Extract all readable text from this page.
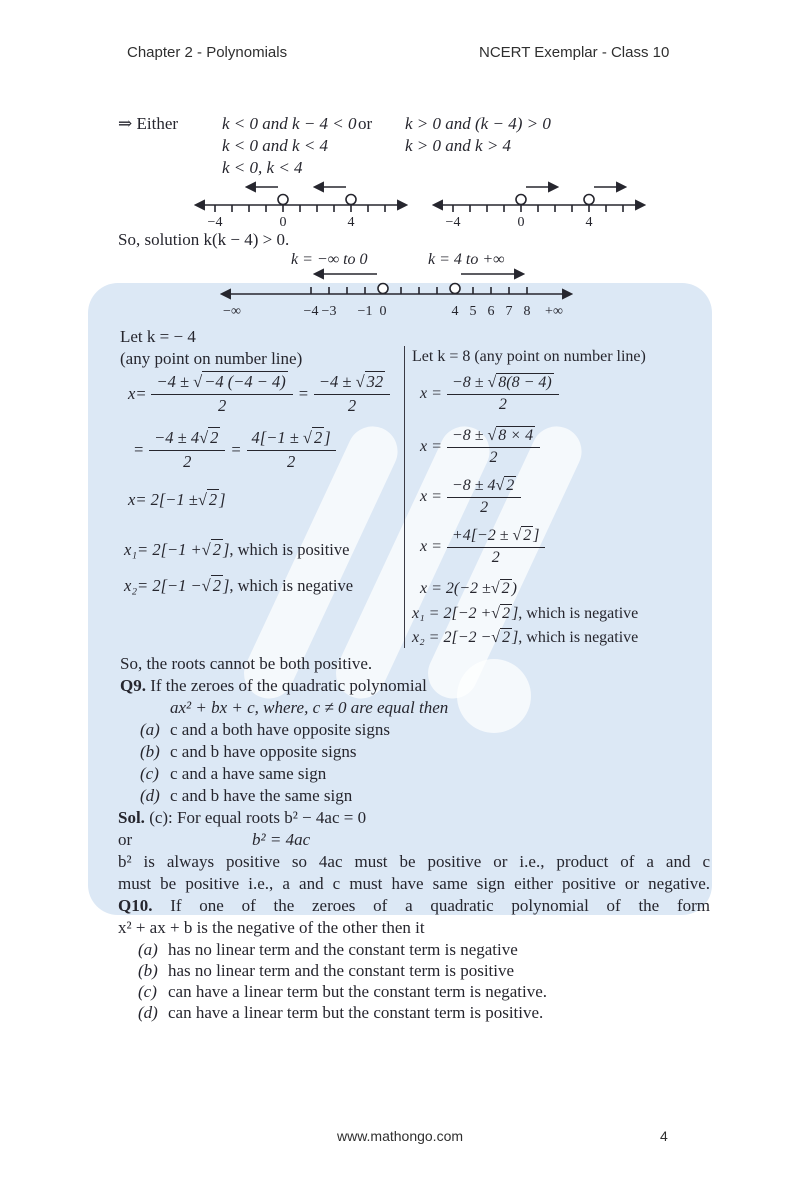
Chapter 2 - Polynomials	NCERT Exemplar - Class 10
⇒ Either	k < 0 and k − 4 < 0 or k > 0 and (k − 4) > 0
k < 0 and k < 4	k > 0 and k > 4
k < 0, k < 4
−4	0	4	−4	0	4
So, solution k(k − 4) > 0.
k = −∞ to 0	k = 4 to +∞
−∞	−4 −3 −1 0	4 5 6 7 8 +∞
Let k = − 4
(any point on number line)
$x= \frac{-4 \pm √ -4 (-4 - 4)}{2} = \frac{-4 \pm √ 32}{2}$
= $\frac{-4 \pm 4√ 2}{2} = \frac{4[-1 \pm √ 2 ]}{2}$
x= 2[−1 ± √ 2 ]
x₁= 2[−1 + √ 2 ] , which is positive
x₂= 2[−1 − √ 2 ] , which is negative
Let k = 8 (any point on number line)
$x = \frac{-8 \pm √ 8(8 - 4)}{2}$
$x = \frac{-8 \pm √ 8 \times 4}{2}$
$x = \frac{-8 \pm 4√ 2}{2}$
$x = \frac{+4[-2 \pm √ 2 ]}{2}$
x = 2(−2 ± √ 2 )
x₁ = 2[−2 + √ 2 ] , which is negative
x₂ = 2[−2 − √ 2 ] , which is negative
So, the roots cannot be both positive.
Q9. If the zeroes of the quadratic polynomial
ax² + bx + c, where, c ≠ 0 are equal then
(a) c and a both have opposite signs
(b) c and b have opposite signs
(c) c and a have same sign
(d) c and b have the same sign
Sol. (c): For equal roots b² − 4ac = 0
or	b² = 4ac
b² is always positive so 4ac must be positive or i.e., product of a and c
must be positive i.e., a and c must have same sign either positive or negative.
Q10. If one of the zeroes of a quadratic polynomial of the form
x² + ax + b is the negative of the other then it
(a) has no linear term and the constant term is negative
(b) has no linear term and the constant term is positive
(c) can have a linear term but the constant term is negative.
(d) can have a linear term but the constant term is positive.
www.mathongo.com	4
